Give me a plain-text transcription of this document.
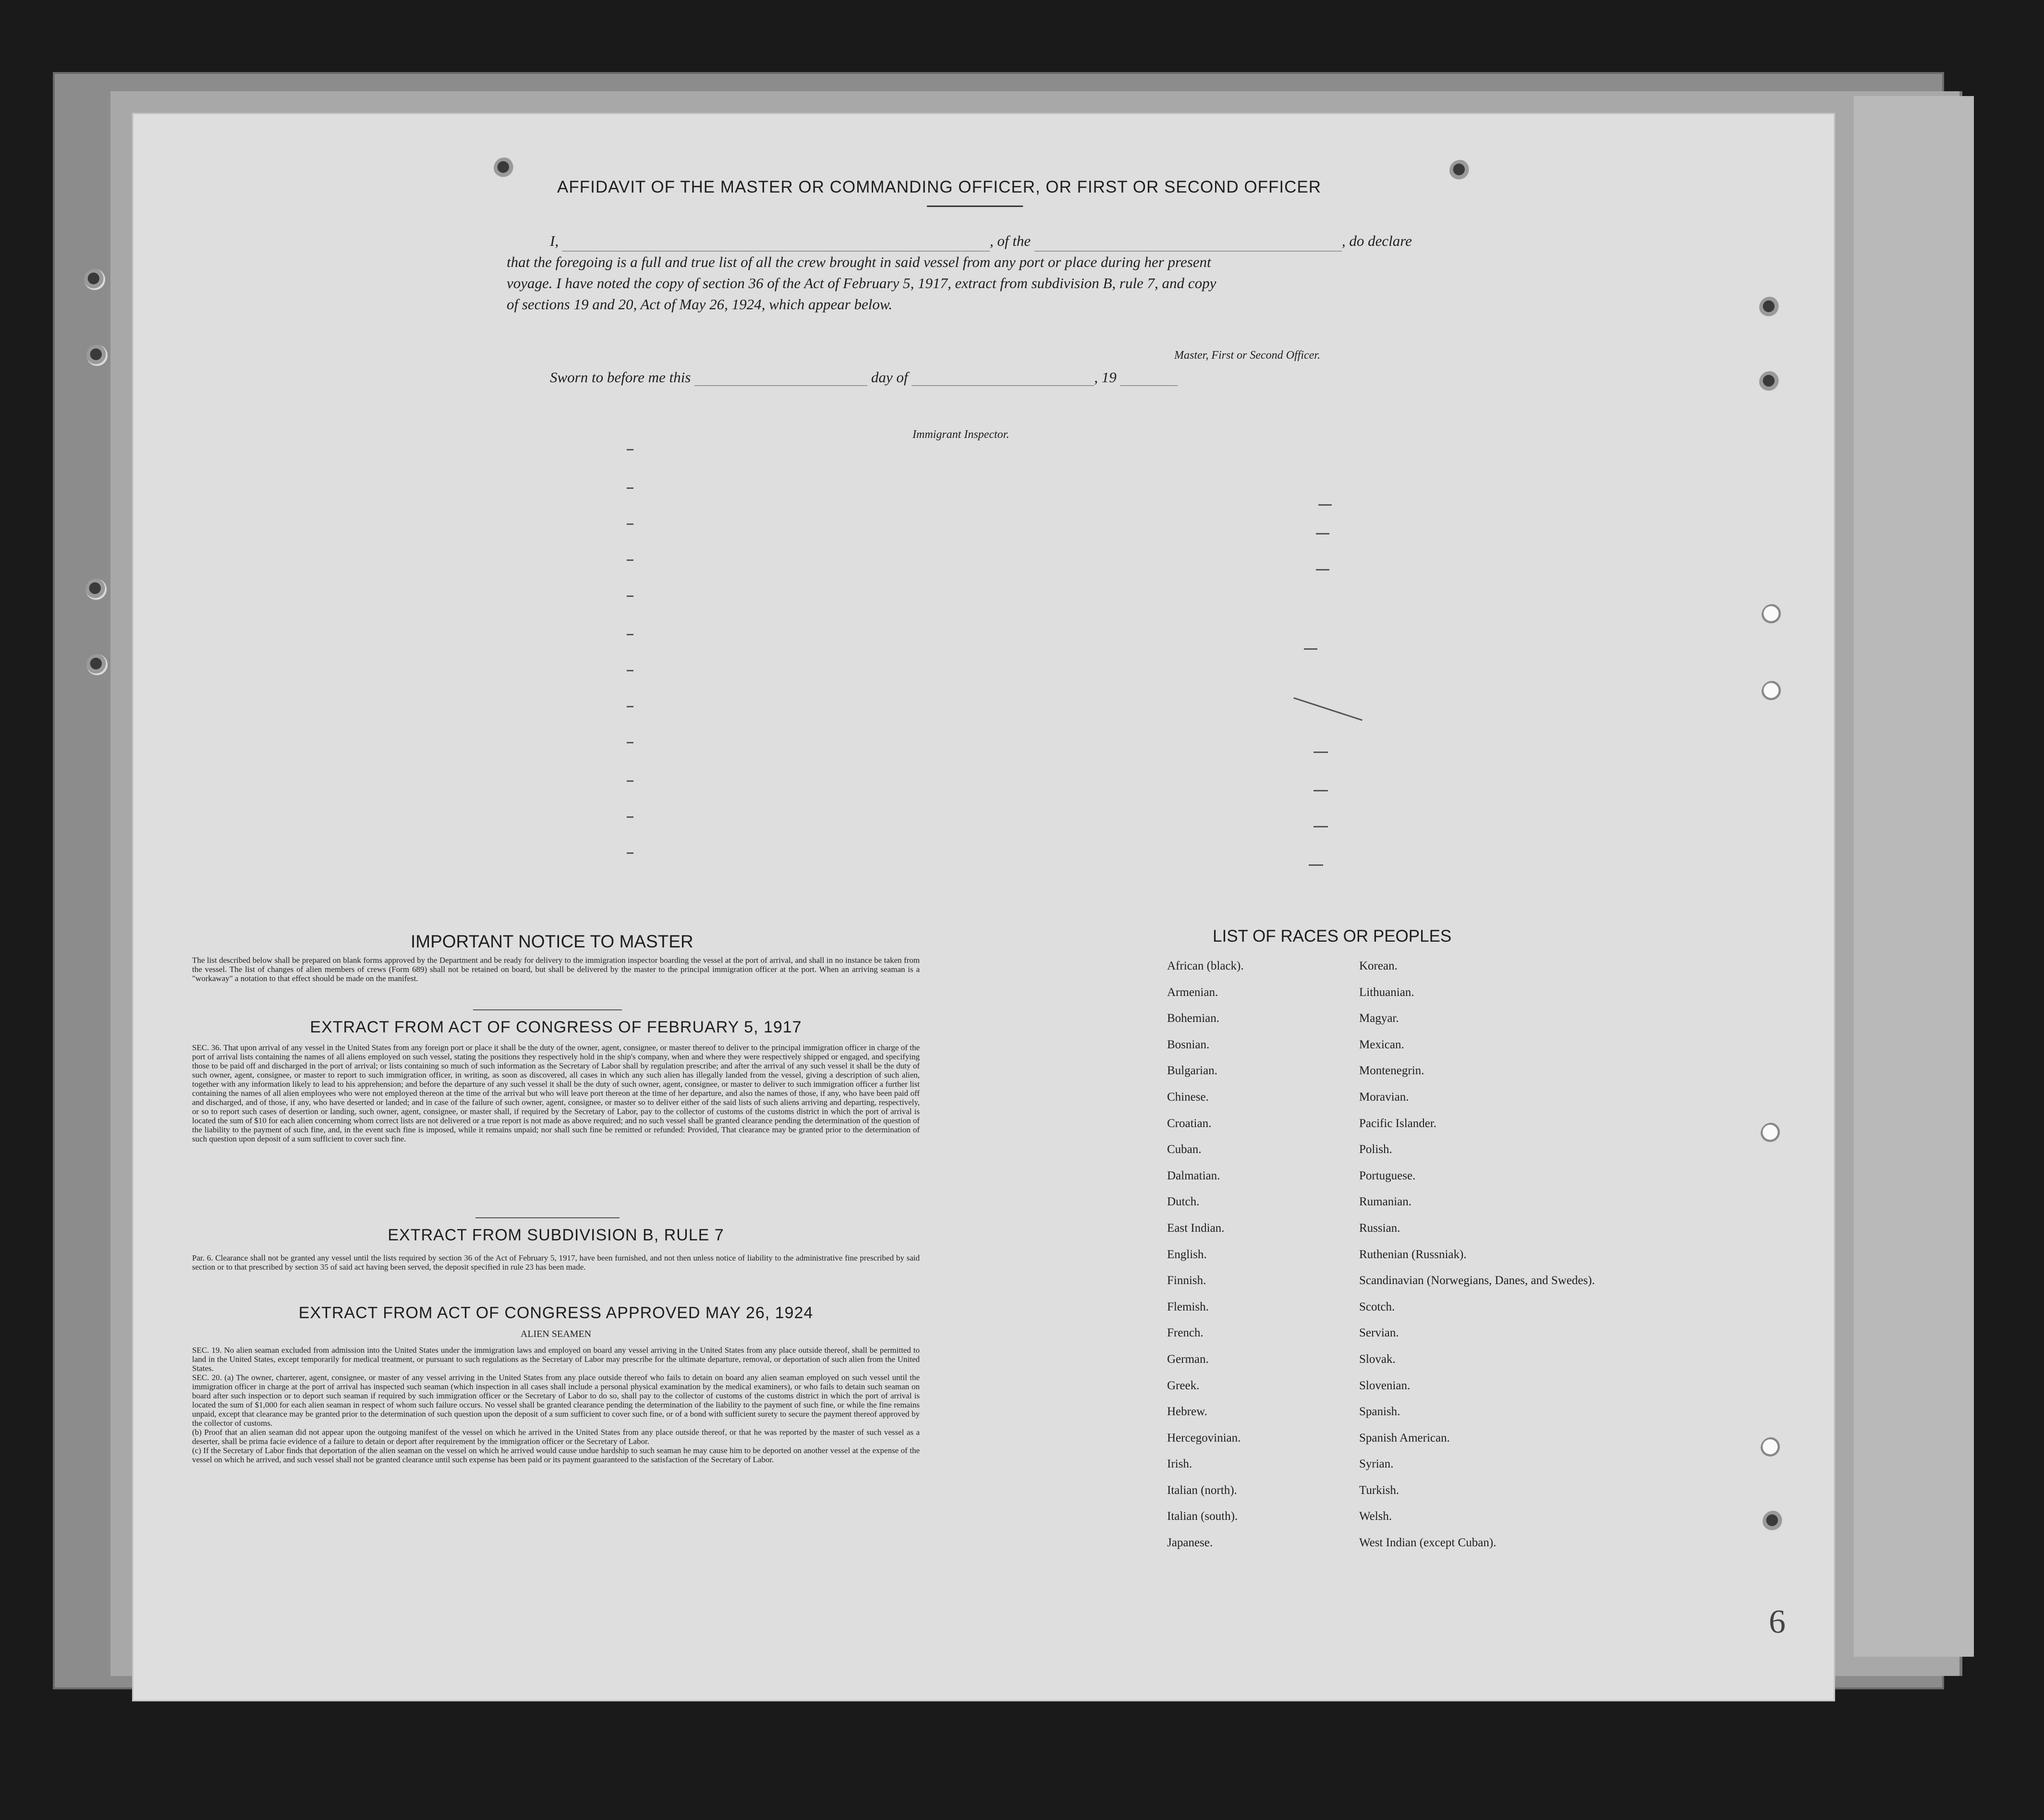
6
AFFIDAVIT OF THE MASTER OR COMMANDING OFFICER, OR FIRST OR SECOND OFFICER
I,	, of the	, do declare
that the foregoing is a full and true list of all the crew brought in said vessel from any port or place during her present
voyage. I have noted the copy of section 36 of the Act of February 5, 1917, extract from subdivision B, rule 7, and copy
of sections 19 and 20, Act of May 26, 1924, which appear below.
Master, First or Second Officer.
Sworn to before me this	day of	, 19
Immigrant Inspector.
IMPORTANT NOTICE TO MASTER
The list described below shall be prepared on blank forms approved by the Department and be ready for delivery to the immigration inspector boarding the vessel at the port of arrival, and shall in no instance be taken from the vessel. The list of changes of alien members of crews (Form 689) shall not be retained on board, but shall be delivered by the master to the principal immigration officer at the port. When an arriving seaman is a "workaway" a notation to that effect should be made on the manifest.
EXTRACT FROM ACT OF CONGRESS OF FEBRUARY 5, 1917
SEC. 36. That upon arrival of any vessel in the United States from any foreign port or place it shall be the duty of the owner, agent, consignee, or master thereof to deliver to the principal immigration officer in charge of the port of arrival lists containing the names of all aliens employed on such vessel, stating the positions they respectively hold in the ship's company, when and where they were respectively shipped or engaged, and specifying those to be paid off and discharged in the port of arrival; or lists containing so much of such information as the Secretary of Labor shall by regulation prescribe; and after the arrival of any such vessel it shall be the duty of such owner, agent, consignee, or master to report to such immigration officer, in writing, as soon as discovered, all cases in which any such alien has illegally landed from the vessel, giving a description of such alien, together with any information likely to lead to his apprehension; and before the departure of any such vessel it shall be the duty of such owner, agent, consignee, or master to deliver to such immigration officer a further list containing the names of all alien employees who were not employed thereon at the time of the arrival but who will leave port thereon at the time of her departure, and also the names of those, if any, who have been paid off and discharged, and of those, if any, who have deserted or landed; and in case of the failure of such owner, agent, consignee, or master so to deliver either of the said lists of such aliens arriving and departing, respectively, or so to report such cases of desertion or landing, such owner, agent, consignee, or master shall, if required by the Secretary of Labor, pay to the collector of customs of the customs district in which the port of arrival is located the sum of $10 for each alien concerning whom correct lists are not delivered or a true report is not made as above required; and no such vessel shall be granted clearance pending the determination of the question of the liability to the payment of such fine, and, in the event such fine is imposed, while it remains unpaid; nor shall such fine be remitted or refunded: Provided, That clearance may be granted prior to the determination of such question upon deposit of a sum sufficient to cover such fine.
EXTRACT FROM SUBDIVISION B, RULE 7
Par. 6. Clearance shall not be granted any vessel until the lists required by section 36 of the Act of February 5, 1917, have been furnished, and not then unless notice of liability to the administrative fine prescribed by said section or to that prescribed by section 35 of said act having been served, the deposit specified in rule 23 has been made.
EXTRACT FROM ACT OF CONGRESS APPROVED MAY 26, 1924
ALIEN SEAMEN
SEC. 19. No alien seaman excluded from admission into the United States under the immigration laws and employed on board any vessel arriving in the United States from any place outside thereof, shall be permitted to land in the United States, except temporarily for medical treatment, or pursuant to such regulations as the Secretary of Labor may prescribe for the ultimate departure, removal, or deportation of such alien from the United States.
SEC. 20. (a) The owner, charterer, agent, consignee, or master of any vessel arriving in the United States from any place outside thereof who fails to detain on board any alien seaman employed on such vessel until the immigration officer in charge at the port of arrival has inspected such seaman (which inspection in all cases shall include a personal physical examination by the medical examiners), or who fails to detain such seaman on board after such inspection or to deport such seaman if required by such immigration officer or the Secretary of Labor to do so, shall pay to the collector of customs of the customs district in which the port of arrival is located the sum of $1,000 for each alien seaman in respect of whom such failure occurs. No vessel shall be granted clearance pending the determination of the liability to the payment of such fine, or while the fine remains unpaid, except that clearance may be granted prior to the determination of such question upon the deposit of a sum sufficient to cover such fine, or of a bond with sufficient surety to secure the payment thereof approved by the collector of customs.
(b) Proof that an alien seaman did not appear upon the outgoing manifest of the vessel on which he arrived in the United States from any place outside thereof, or that he was reported by the master of such vessel as a deserter, shall be prima facie evidence of a failure to detain or deport after requirement by the immigration officer or the Secretary of Labor.
(c) If the Secretary of Labor finds that deportation of the alien seaman on the vessel on which he arrived would cause undue hardship to such seaman he may cause him to be deported on another vessel at the expense of the vessel on which he arrived, and such vessel shall not be granted clearance until such expense has been paid or its payment guaranteed to the satisfaction of the Secretary of Labor.
LIST OF RACES OR PEOPLES
African (black).
Armenian.
Bohemian.
Bosnian.
Bulgarian.
Chinese.
Croatian.
Cuban.
Dalmatian.
Dutch.
East Indian.
English.
Finnish.
Flemish.
French.
German.
Greek.
Hebrew.
Hercegovinian.
Irish.
Italian (north).
Italian (south).
Japanese.
Korean.
Lithuanian.
Magyar.
Mexican.
Montenegrin.
Moravian.
Pacific Islander.
Polish.
Portuguese.
Rumanian.
Russian.
Ruthenian (Russniak).
Scandinavian (Norwegians, Danes, and Swedes).
Scotch.
Servian.
Slovak.
Slovenian.
Spanish.
Spanish American.
Syrian.
Turkish.
Welsh.
West Indian (except Cuban).
